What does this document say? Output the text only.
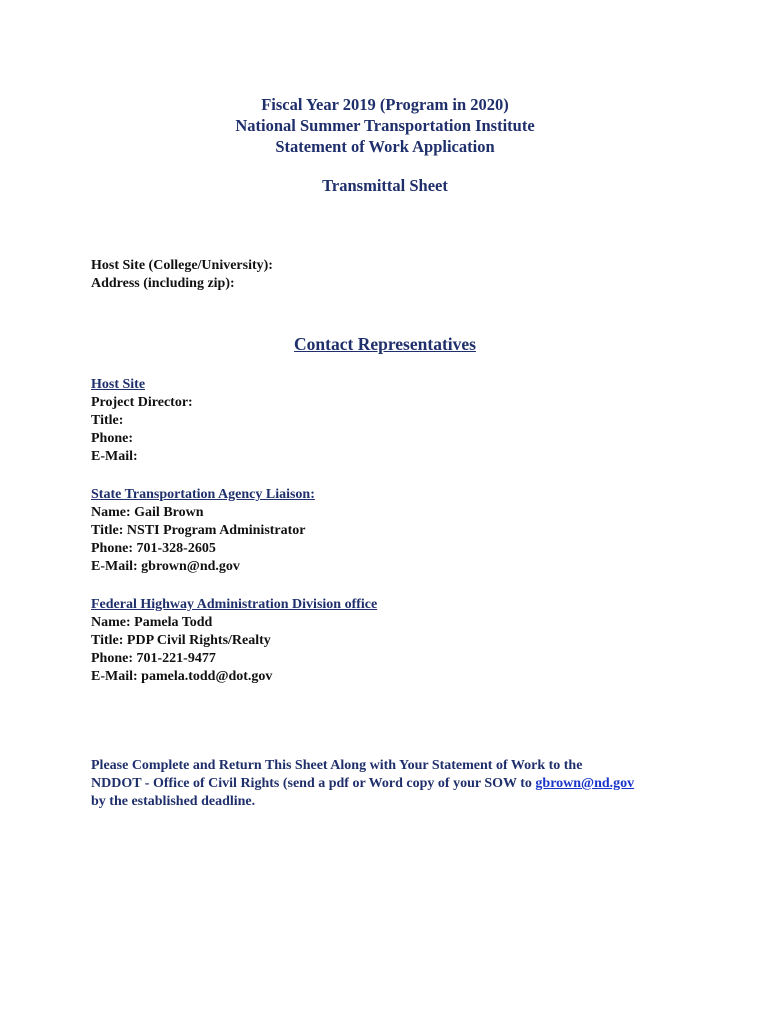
Fiscal Year 2019 (Program in 2020)
National Summer Transportation Institute
Statement of Work Application
Transmittal Sheet
Host Site (College/University):
Address (including zip):
Contact Representatives
Host Site
Project Director:
Title:
Phone:
E-Mail:
State Transportation Agency Liaison:
Name: Gail Brown
Title: NSTI Program Administrator
Phone: 701-328-2605
E-Mail: gbrown@nd.gov
Federal Highway Administration Division office
Name: Pamela Todd
Title: PDP Civil Rights/Realty
Phone: 701-221-9477
E-Mail: pamela.todd@dot.gov
Please Complete and Return This Sheet Along with Your Statement of Work to the
NDDOT - Office of Civil Rights (send a pdf or Word copy of your SOW to gbrown@nd.gov
by the established deadline.
